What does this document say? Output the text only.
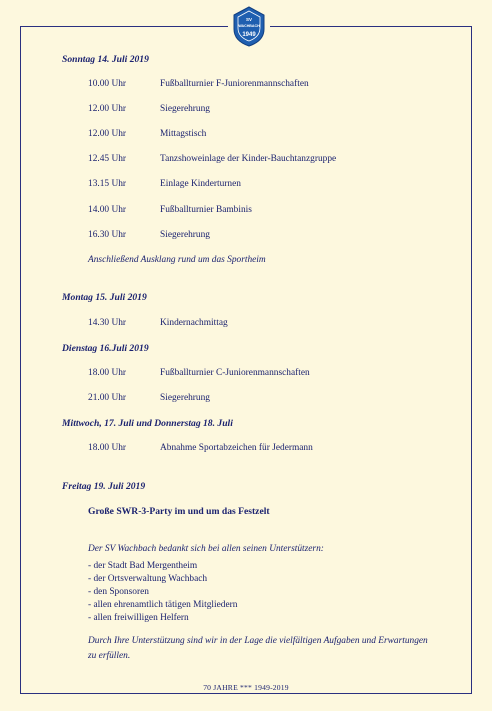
SV
WACHBACH
1949
Sonntag 14. Juli 2019
10.00 Uhr	Fußballturnier F-Juniorenmannschaften
12.00 Uhr	Siegerehrung
12.00 Uhr	Mittagstisch
12.45 Uhr	Tanzshoweinlage der Kinder-Bauchtanzgruppe
13.15 Uhr	Einlage Kinderturnen
14.00 Uhr	Fußballturnier Bambinis
16.30 Uhr	Siegerehrung
Anschließend Ausklang rund um das Sportheim
Montag 15. Juli 2019
14.30 Uhr	Kindernachmittag
Dienstag 16.Juli 2019
18.00 Uhr	Fußballturnier C-Juniorenmannschaften
21.00 Uhr	Siegerehrung
Mittwoch, 17. Juli und Donnerstag 18. Juli
18.00 Uhr	Abnahme Sportabzeichen für Jedermann
Freitag 19. Juli 2019
Große SWR-3-Party im und um das Festzelt
Der SV Wachbach bedankt sich bei allen seinen Unterstützern:
- der Stadt Bad Mergentheim
- der Ortsverwaltung Wachbach
- den Sponsoren
- allen ehrenamtlich tätigen Mitgliedern
- allen freiwilligen Helfern
Durch Ihre Unterstützung sind wir in der Lage die vielfältigen Aufgaben und Erwartungen zu erfüllen.
70 JAHRE *** 1949-2019
